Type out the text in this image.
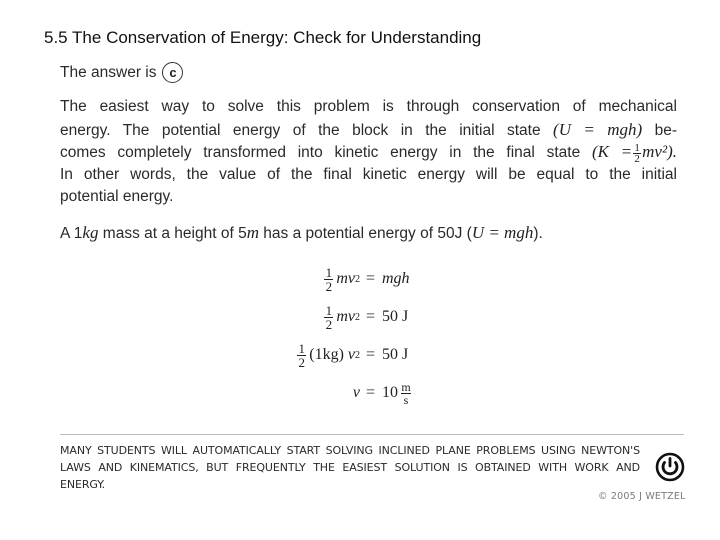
5.5 The Conservation of Energy: Check for Understanding
The answer is c
The easiest way to solve this problem is through conservation of mechanical
energy. The potential energy of the block in the initial state (U = mgh) be-
comes completely transformed into kinetic energy in the final state $(K = \frac{1}{2} mv^2)$.
In other words, the value of the final kinetic energy will be equal to the initial
potential energy.
A 1kg mass at a height of 5m has a potential energy of 50J (U = mgh).
$\frac{1}{2}$ mv 2 = mgh
$\frac{1}{2}$ mv 2 = 50 J
$\frac{1}{2} (1kg)$
v 2 = 50 J
$v = 10 \frac{m}{s}$
MANY STUDENTS WILL AUTOMATICALLY START SOLVING INCLINED PLANE PROBLEMS USING NEWTON'S
LAWS AND KINEMATICS, BUT FREQUENTLY THE EASIEST SOLUTION IS OBTAINED WITH WORK AND
ENERGY.
© 2005 J WETZEL
